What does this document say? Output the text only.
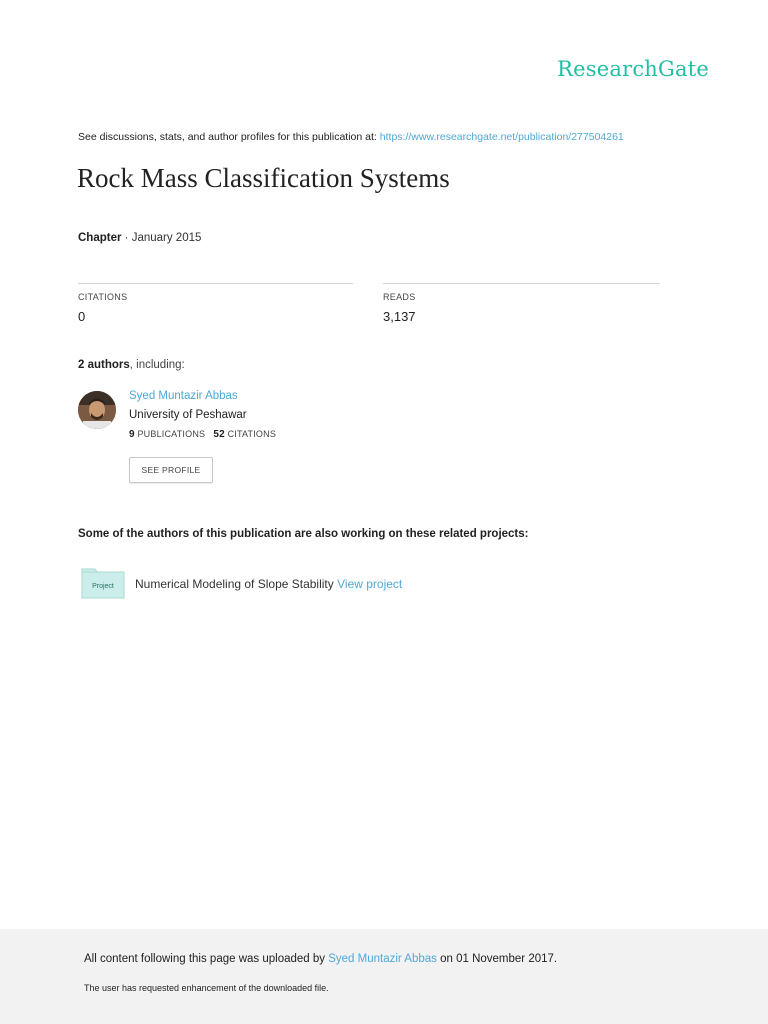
ResearchGate
See discussions, stats, and author profiles for this publication at: https://www.researchgate.net/publication/277504261
Rock Mass Classification Systems
Chapter · January 2015
CITATIONS
0
READS
3,137
2 authors, including:
Syed Muntazir Abbas
University of Peshawar
9 PUBLICATIONS 52 CITATIONS
SEE PROFILE
Some of the authors of this publication are also working on these related projects:
Project Numerical Modeling of Slope Stability View project
All content following this page was uploaded by Syed Muntazir Abbas on 01 November 2017.
The user has requested enhancement of the downloaded file.
